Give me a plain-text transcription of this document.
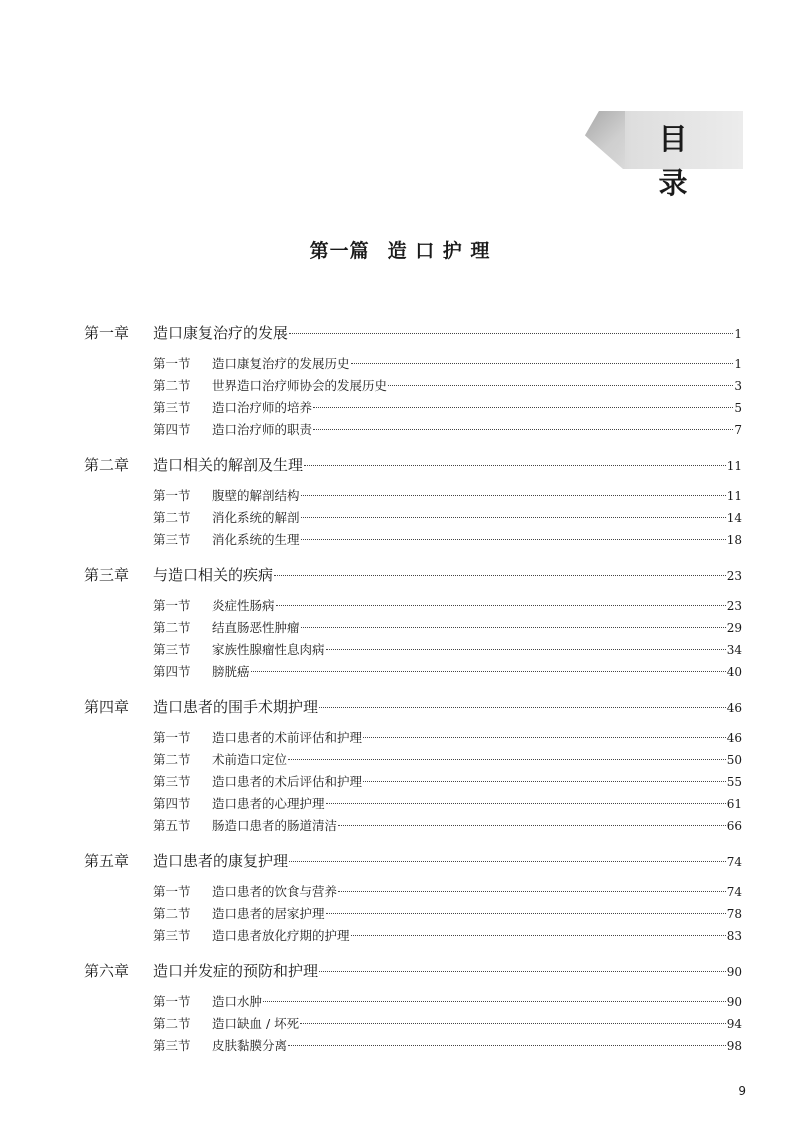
目 录
第一篇 造 口 护 理
第一章	造口康复治疗的发展	1
第一节	造口康复治疗的发展历史	1
第二节	世界造口治疗师协会的发展历史	3
第三节	造口治疗师的培养	5
第四节	造口治疗师的职责	7
第二章	造口相关的解剖及生理	11
第一节	腹壁的解剖结构	11
第二节	消化系统的解剖	14
第三节	消化系统的生理	18
第三章	与造口相关的疾病	23
第一节	炎症性肠病	23
第二节	结直肠恶性肿瘤	29
第三节	家族性腺瘤性息肉病	34
第四节	膀胱癌	40
第四章	造口患者的围手术期护理	46
第一节	造口患者的术前评估和护理	46
第二节	术前造口定位	50
第三节	造口患者的术后评估和护理	55
第四节	造口患者的心理护理	61
第五节	肠造口患者的肠道清洁	66
第五章	造口患者的康复护理	74
第一节	造口患者的饮食与营养	74
第二节	造口患者的居家护理	78
第三节	造口患者放化疗期的护理	83
第六章	造口并发症的预防和护理	90
第一节	造口水肿	90
第二节	造口缺血 / 坏死	94
第三节	皮肤黏膜分离	98
9
